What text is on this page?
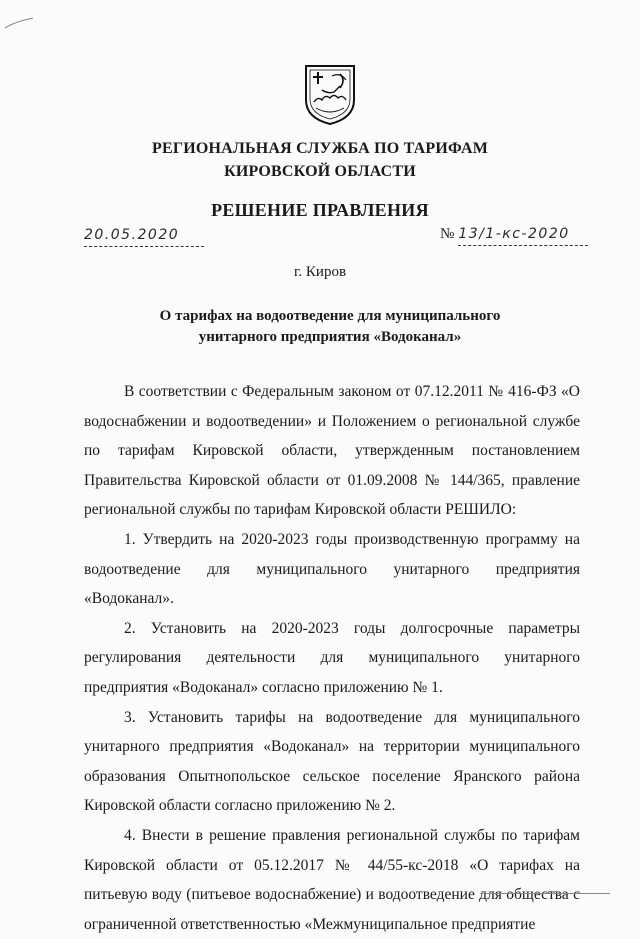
РЕГИОНАЛЬНАЯ СЛУЖБА ПО ТАРИФАМ
КИРОВСКОЙ ОБЛАСТИ
РЕШЕНИЕ ПРАВЛЕНИЯ
20.05.2020	№ 13/1-кс-2020
г. Киров
О тарифах на водоотведение для муниципального унитарного предприятия «Водоканал»

В соответствии с Федеральным законом от 07.12.2011 № 416-ФЗ «О водоснабжении и водоотведении» и Положением о региональной службе по тарифам Кировской области, утвержденным постановлением Правительства Кировской области от 01.09.2008 № 144/365, правление региональной службы по тарифам Кировской области РЕШИЛО:

1. Утвердить на 2020-2023 годы производственную программу на водоотведение для муниципального унитарного предприятия «Водоканал».

2. Установить на 2020-2023 годы долгосрочные параметры регулирования деятельности для муниципального унитарного предприятия «Водоканал» согласно приложению № 1.

3. Установить тарифы на водоотведение для муниципального унитарного предприятия «Водоканал» на территории муниципального образования Опытнопольское сельское поселение Яранского района Кировской области согласно приложению № 2.

4. Внести в решение правления региональной службы по тарифам Кировской области от 05.12.2017 № 44/55-кс-2018 «О тарифах на питьевую воду (питьевое водоснабжение) и водоотведение для общества с ограниченной ответственностью «Межмуниципальное предприятие
